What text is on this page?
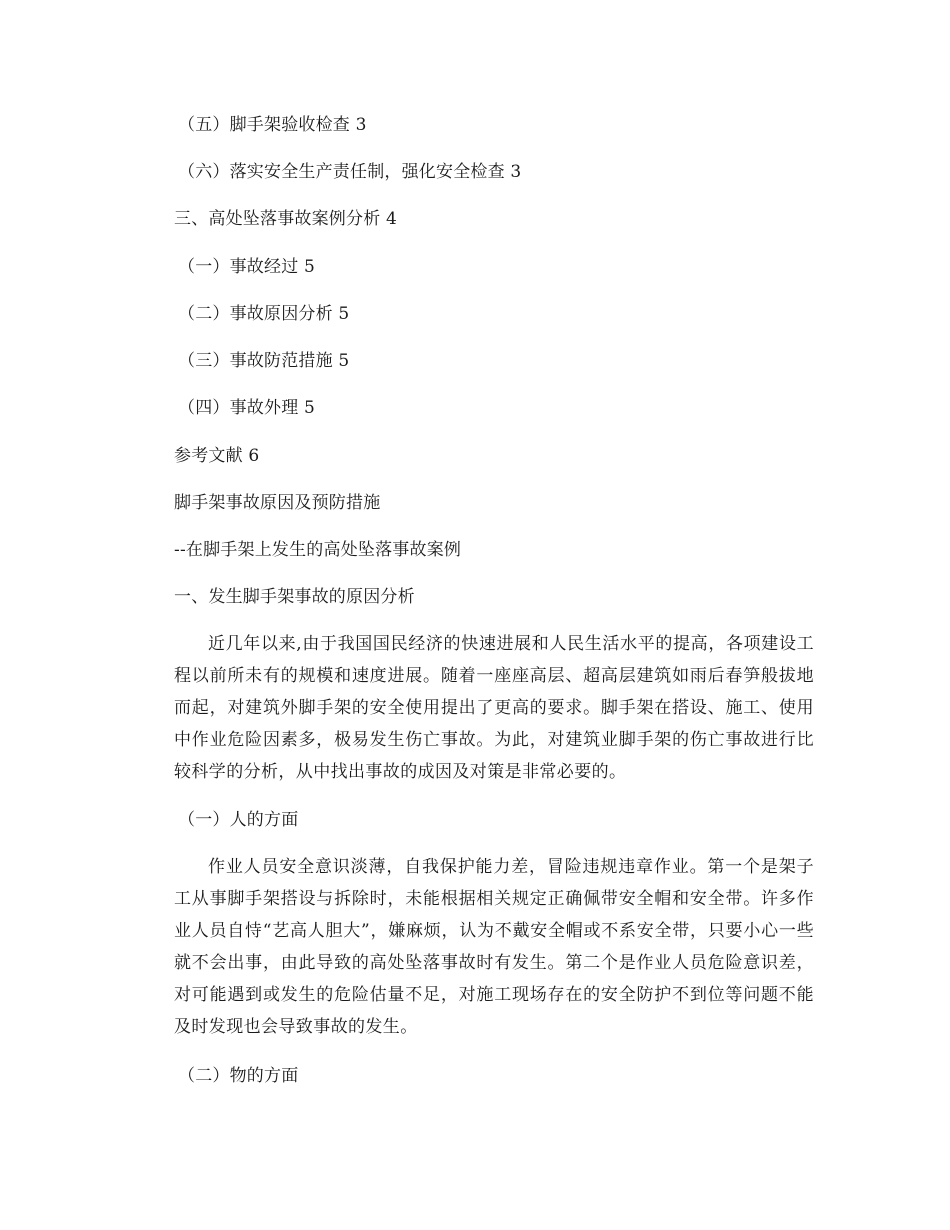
（五）脚手架验收检查 3
（六）落实安全生产责任制，强化安全检查 3
三、高处坠落事故案例分析 4
（一）事故经过 5
（二）事故原因分析 5
（三）事故防范措施 5
（四）事故外理 5
参考文献 6
脚手架事故原因及预防措施
--在脚手架上发生的高处坠落事故案例
一、发生脚手架事故的原因分析
近几年以来,由于我国国民经济的快速进展和人民生活水平的提高，各项建设工程以前所未有的规模和速度进展。随着一座座高层、超高层建筑如雨后春笋般拔地而起，对建筑外脚手架的安全使用提出了更高的要求。脚手架在搭设、施工、使用中作业危险因素多，极易发生伤亡事故。为此，对建筑业脚手架的伤亡事故进行比较科学的分析，从中找出事故的成因及对策是非常必要的。
（一）人的方面
作业人员安全意识淡薄，自我保护能力差，冒险违规违章作业。第一个是架子工从事脚手架搭设与拆除时，未能根据相关规定正确佩带安全帽和安全带。许多作业人员自恃“艺高人胆大”，嫌麻烦，认为不戴安全帽或不系安全带，只要小心一些就不会出事，由此导致的高处坠落事故时有发生。第二个是作业人员危险意识差，对可能遇到或发生的危险估量不足，对施工现场存在的安全防护不到位等问题不能及时发现也会导致事故的发生。
（二）物的方面
